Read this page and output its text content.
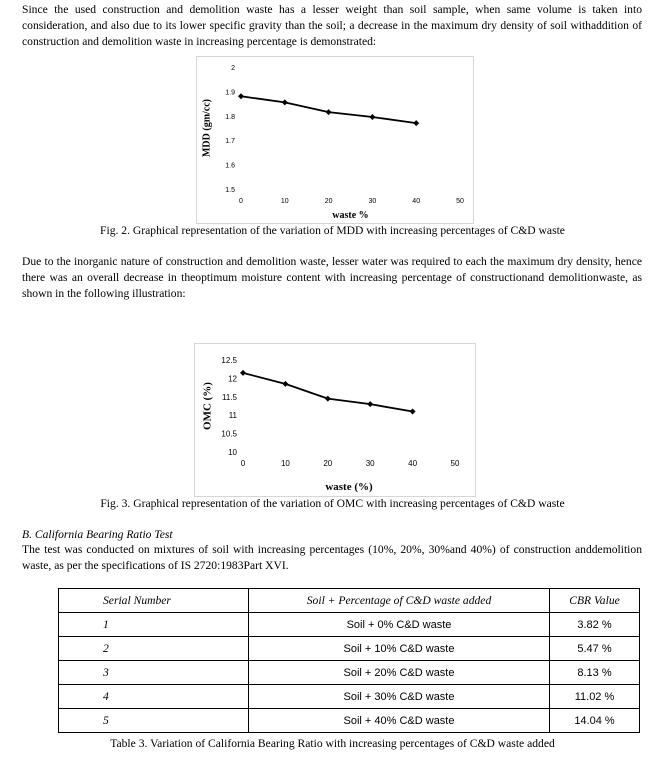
Since the used construction and demolition waste has a lesser weight than soil sample, when same volume is taken into consideration, and also due to its lower specific gravity than the soil; a decrease in the maximum dry density of soil withaddition of construction and demolition waste in increasing percentage is demonstrated:

1.5
1.6
1.7
1.8
1.9
2
0	10	20	30	40	50
waste %
MDD (gm/cc)

Fig. 2. Graphical representation of the variation of MDD with increasing percentages of C&D waste

Due to the inorganic nature of construction and demolition waste, lesser water was required to each the maximum dry density, hence there was an overall decrease in theoptimum moisture content with increasing percentage of constructionand demolitionwaste, as shown in the following illustration:

10
10.5
11
11.5
12
12.5
0	10	20	30	40	50
waste (%)
OMC (%)

Fig. 3. Graphical representation of the variation of OMC with increasing percentages of C&D waste

B. California Bearing Ratio Test

The test was conducted on mixtures of soil with increasing percentages (10%, 20%, 30%and 40%) of construction anddemolition waste, as per the specifications of IS 2720:1983Part XVI.

Serial Number	Soil + Percentage of C&D waste added	CBR Value
1	Soil + 0% C&D waste	3.82 %
2	Soil + 10% C&D waste	5.47 %
3	Soil + 20% C&D waste	8.13 %
4	Soil + 30% C&D waste	11.02 %
5	Soil + 40% C&D waste	14.04 %

Table 3. Variation of California Bearing Ratio with increasing percentages of C&D waste added
